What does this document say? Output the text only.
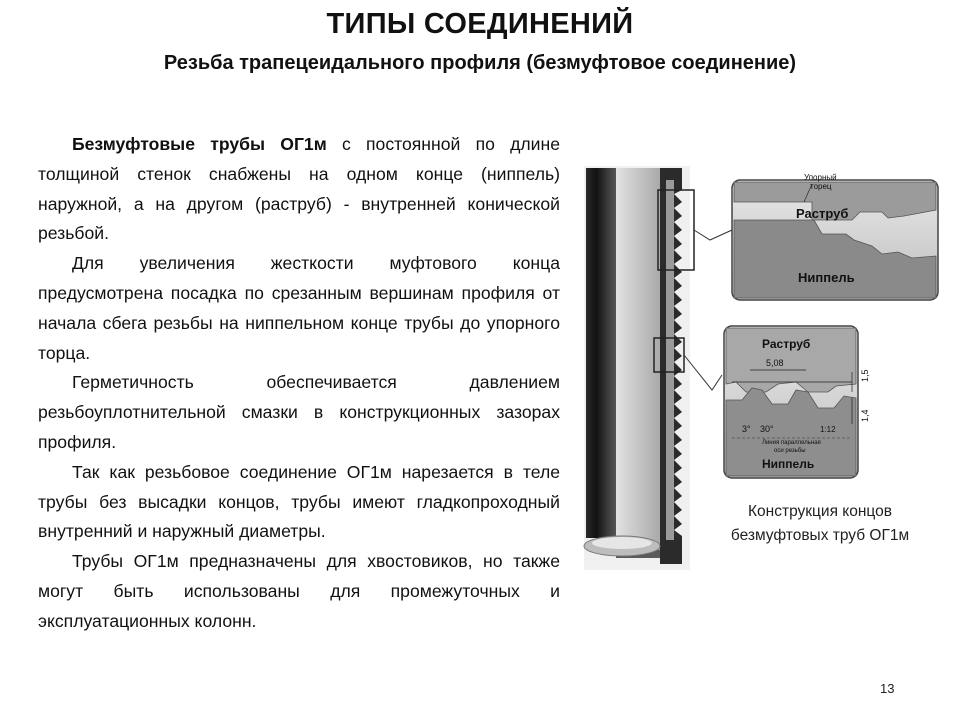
ТИПЫ СОЕДИНЕНИЙ
Резьба трапецеидального профиля (безмуфтовое соединение)

Безмуфтовые трубы ОГ1м с постоянной по длине толщиной стенок снабжены на одном конце (ниппель) наружной, а на другом (раструб) - внутренней конической резьбой.

Для увеличения жесткости муфтового конца предусмотрена посадка по срезанным вершинам профиля от начала сбега резьбы на ниппельном конце трубы до упорного торца.

Герметичность обеспечивается давлением резьбоуплотнительной смазки в конструкционных зазорах профиля.

Так как резьбовое соединение ОГ1м нарезается в теле трубы без высадки концов, трубы имеют гладкопроходный внутренний и наружный диаметры.

Трубы ОГ1м предназначены для хвостовиков, но также могут быть использованы для промежуточных и эксплуатационных колонн.

Упорный
торец
Раструб
Ниппель
Раструб
5,08
1,5
1,4
3° 30°	1:12
Линия параллельная
оси резьбы
Ниппель
Конструкция концов
безмуфтовых труб ОГ1м
13
